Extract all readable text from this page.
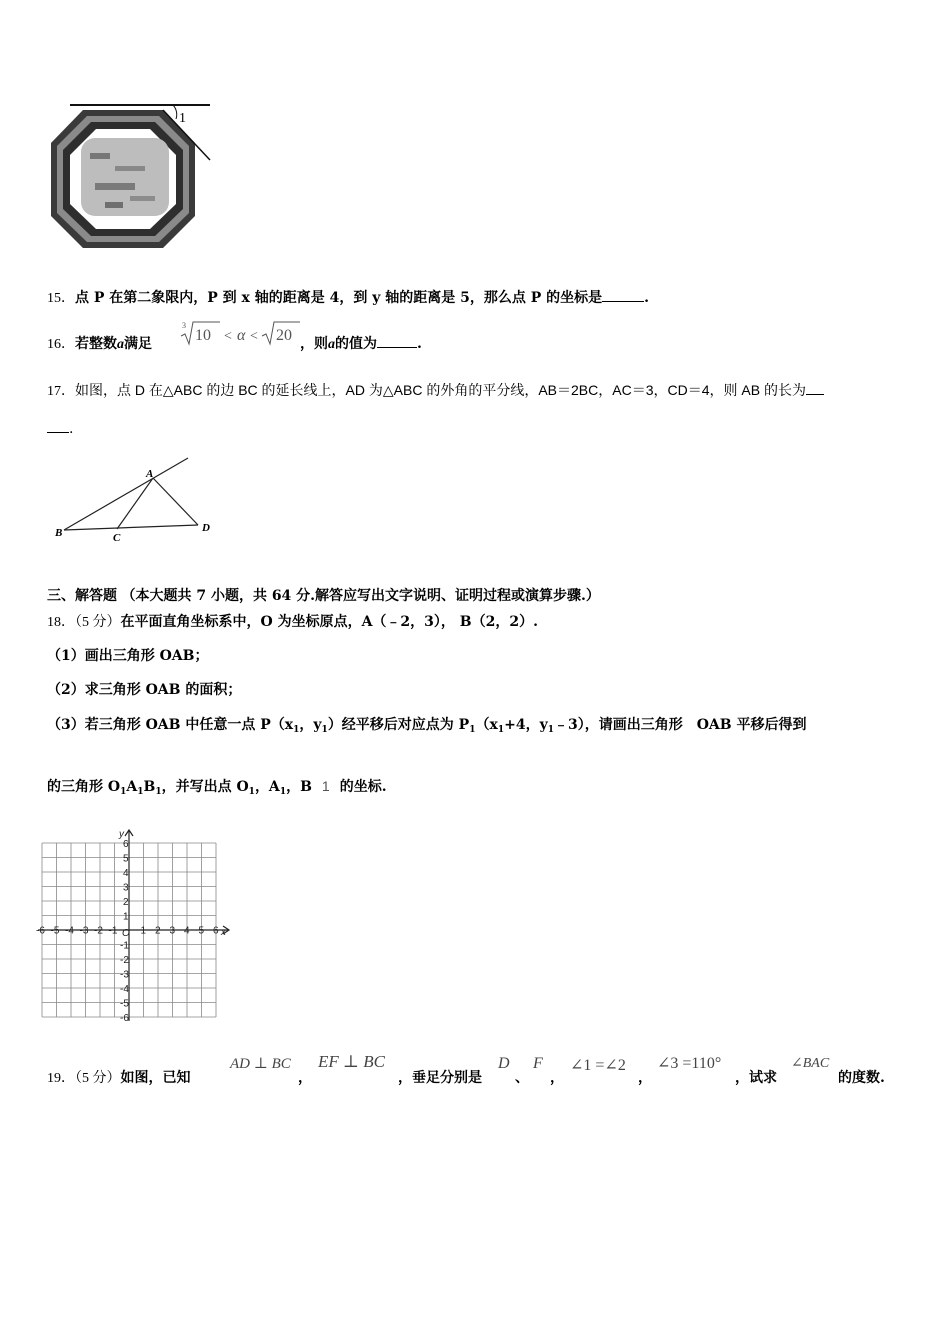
1
15．点 P 在第二象限内，P 到 x 轴的距离是 4，到 y 轴的距离是 5，那么点 P 的坐标是	.
16．若整数a满足
3
10 < α < 20 ，则a的值为	.
17．如图，点 D 在△ABC 的边 BC 的延长线上，AD 为△ABC 的外角的平分线，AB＝2BC，AC＝3，CD＝4，则 AB 的长为
.
A
B	C
D
三、解答题 （本大题共 7 小题，共 64 分.解答应写出文字说明、证明过程或演算步骤.）
18．（5 分）在平面直角坐标系中，O 为坐标原点，A（﹣2，3）， B（2，2）.
（1）画出三角形 OAB；
（2）求三角形 OAB 的面积；
（3）若三角形 OAB 中任意一点 $P(x_1$，$y_1$）经平移后对应点为 $P_1(x_1+4$，$y_1﹣3$），请画出三角形 OAB 平移后得到
的三角形 $O_1A_1B_1$，并写出点 $O_1$，$A_1$，B 1 的坐标.
-6 -5 -4 -3 -2 -1 1 2 3 4 5 6
6
5
4
3
2
1
-1
-2
-3
-4
-5
-6
x
y
O
19．（5 分）如图，已知
AD ⊥ BC
，
EF ⊥ BC
，垂足分别是
D
、
F
，
∠1 =∠2
，
∠3 =110°
，试求
∠BAC
的度数.
